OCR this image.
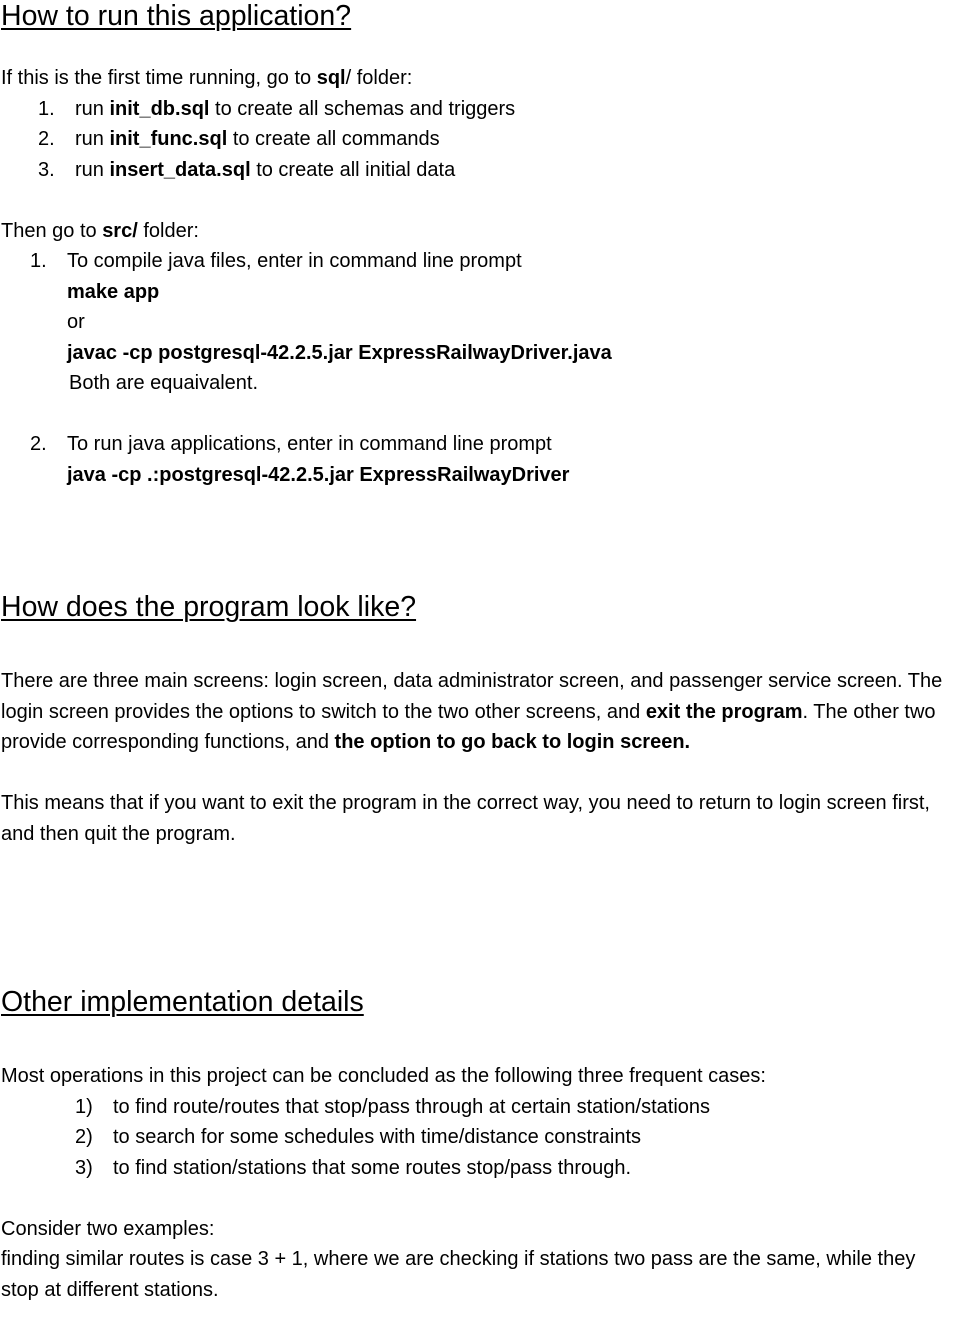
How to run this application?

If this is the first time running, go to sql/ folder:

1. run init_db.sql to create all schemas and triggers
2. run init_func.sql to create all commands
3. run insert_data.sql to create all initial data

Then go to src/ folder:

1. To compile java files, enter in command line prompt
make app
or
javac -cp postgresql-42.2.5.jar ExpressRailwayDriver.java
Both are equaivalent.
2. To run java applications, enter in command line prompt
java -cp .:postgresql-42.2.5.jar ExpressRailwayDriver
How does the program look like?

There are three main screens: login screen, data administrator screen, and passenger service screen. The login screen provides the options to switch to the two other screens, and exit the program. The other two provide corresponding functions, and the option to go back to login screen.

This means that if you want to exit the program in the correct way, you need to return to login screen first, and then quit the program.

Other implementation details

Most operations in this project can be concluded as the following three frequent cases:

1) to find route/routes that stop/pass through at certain station/stations
2) to search for some schedules with time/distance constraints
3) to find station/stations that some routes stop/pass through.

Consider two examples:

finding similar routes is case 3 + 1, where we are checking if stations two pass are the same, while they stop at different stations.
